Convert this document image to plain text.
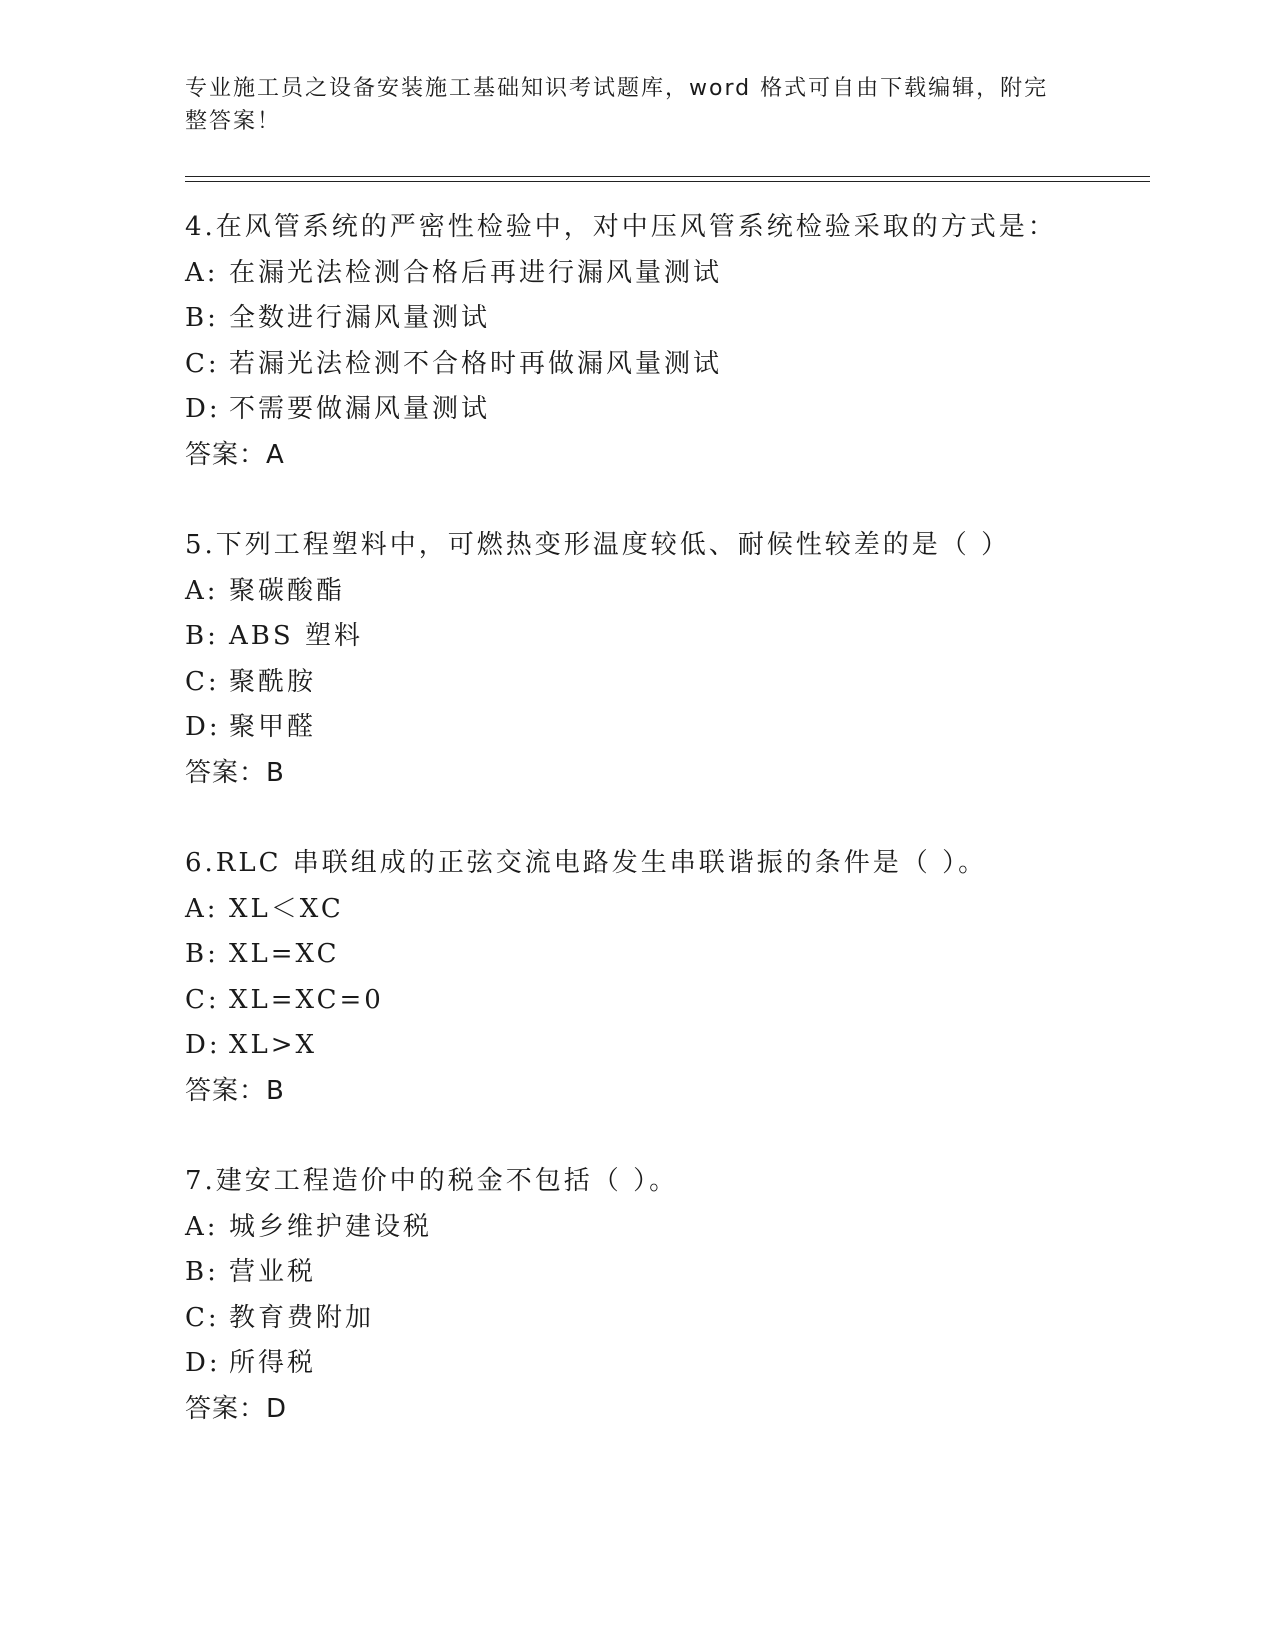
专业施工员之设备安装施工基础知识考试题库，word 格式可自由下载编辑，附完
整答案！
4.在风管系统的严密性检验中，对中压风管系统检验采取的方式是：
A: 在漏光法检测合格后再进行漏风量测试
B: 全数进行漏风量测试
C: 若漏光法检测不合格时再做漏风量测试
D: 不需要做漏风量测试
答案：A
5.下列工程塑料中，可燃热变形温度较低、耐候性较差的是（ ）
A: 聚碳酸酯
B: ABS 塑料
C: 聚酰胺
D: 聚甲醛
答案：B
6.RLC 串联组成的正弦交流电路发生串联谐振的条件是（ ）。
A: XL＜XC
B: XL=XC
C: XL=XC=0
D: XL>X
答案：B
7.建安工程造价中的税金不包括（ ）。
A: 城乡维护建设税
B: 营业税
C: 教育费附加
D: 所得税
答案：D
